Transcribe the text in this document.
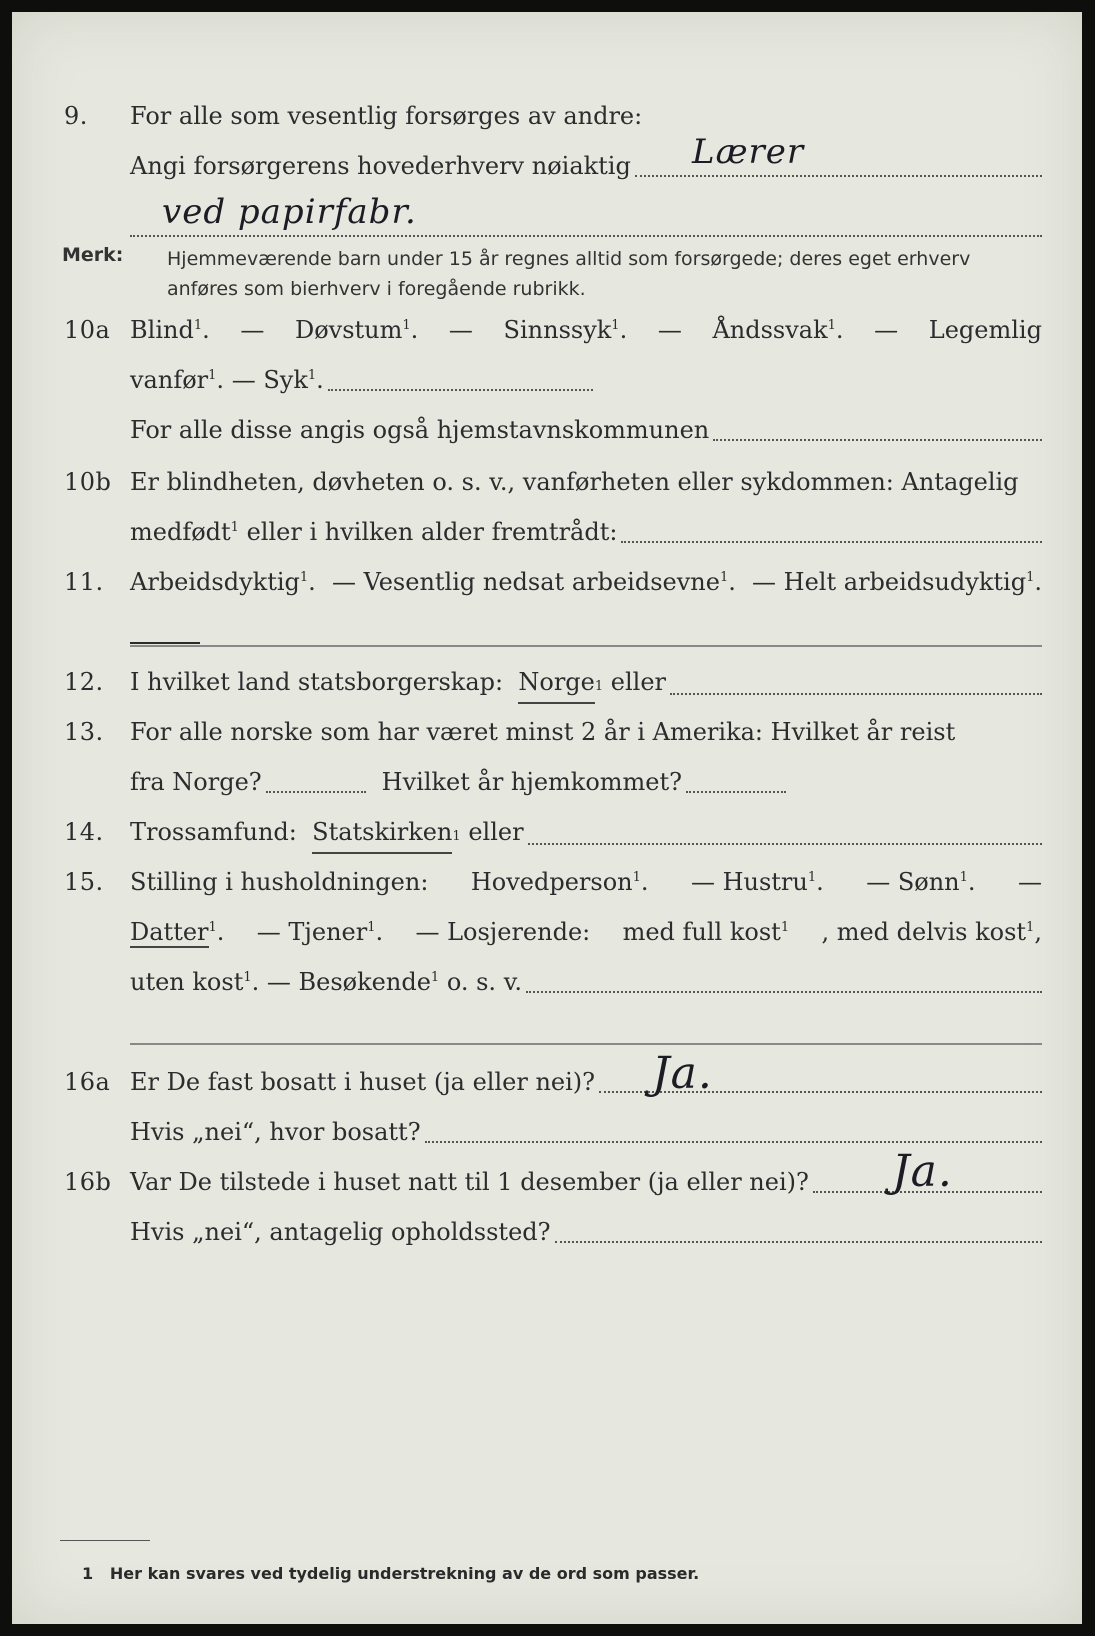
9. For alle som vesentlig forsørges av andre:
Angi forsørgerens hovederhverv nøiaktig Lærer
ved papirfabr.
Merk: Hjemmeværende barn under 15 år regnes alltid som forsørgede; deres eget erhverv
anføres som bierhverv i foregående rubrikk.
10a Blind$^1$. — Døvstum$^1$. — Sinnssyk$^1$. — Åndssvak$^1$. — Legemlig
vanfør$^1$. — Syk$^1$.
For alle disse angis også hjemstavnskommunen
10b Er blindheten, døvheten o. s. v., vanførheten eller sykdommen: Antagelig
medfødt$^1$ eller i hvilken alder fremtrådt:
11. Arbeidsdyktig$^1$. — Vesentlig nedsat arbeidsevne$^1$. — Helt arbeidsudyktig$^1$.
12. I hvilket land statsborgerskap:
Norge 1
eller
13. For alle norske som har været minst 2 år i Amerika: Hvilket år reist
fra Norge?	Hvilket år hjemkommet?
14. Trossamfund:
Statskirken 1
eller
15. Stilling i husholdningen: Hovedperson$^1$. — Hustru$^1$. — Sønn$^1$. —
Datter$^1$. — Tjener$^1$. — Losjerende: med full kost$^1$ , med delvis kost$^1$,
uten kost$^1$. — Besøkende$^1$ o. s. v.
16a Er De fast bosatt i huset (ja eller nei)? Ja.
Hvis „nei“, hvor bosatt?
16b Var De tilstede i huset natt til 1 desember (ja eller nei)? Ja.
Hvis „nei“, antagelig opholdssted?
1 Her kan svares ved tydelig understrekning av de ord som passer.
